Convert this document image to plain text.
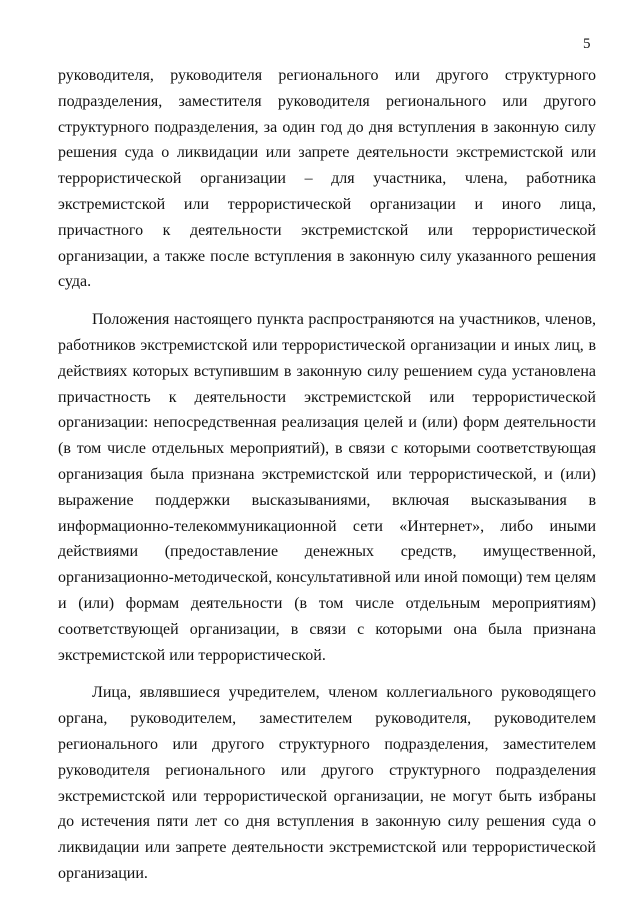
5

руководителя, руководителя регионального или другого структурного подразделения, заместителя руководителя регионального или другого структурного подразделения, за один год до дня вступления в законную силу решения суда о ликвидации или запрете деятельности экстремистской или террористической организации – для участника, члена, работника экстремистской или террористической организации и иного лица, причастного к деятельности экстремистской или террористической организации, а также после вступления в законную силу указанного решения суда.

Положения настоящего пункта распространяются на участников, членов, работников экстремистской или террористической организации и иных лиц, в действиях которых вступившим в законную силу решением суда установлена причастность к деятельности экстремистской или террористической организации: непосредственная реализация целей и (или) форм деятельности (в том числе отдельных мероприятий), в связи с которыми соответствующая организация была признана экстремистской или террористической, и (или) выражение поддержки высказываниями, включая высказывания в информационно-телекоммуникационной сети «Интернет», либо иными действиями (предоставление денежных средств, имущественной, организационно-методической, консультативной или иной помощи) тем целям и (или) формам деятельности (в том числе отдельным мероприятиям) соответствующей организации, в связи с которыми она была признана экстремистской или террористической.

Лица, являвшиеся учредителем, членом коллегиального руководящего органа, руководителем, заместителем руководителя, руководителем регионального или другого структурного подразделения, заместителем руководителя регионального или другого структурного подразделения экстремистской или террористической организации, не могут быть избраны до истечения пяти лет со дня вступления в законную силу решения суда о ликвидации или запрете деятельности экстремистской или террористической организации.
